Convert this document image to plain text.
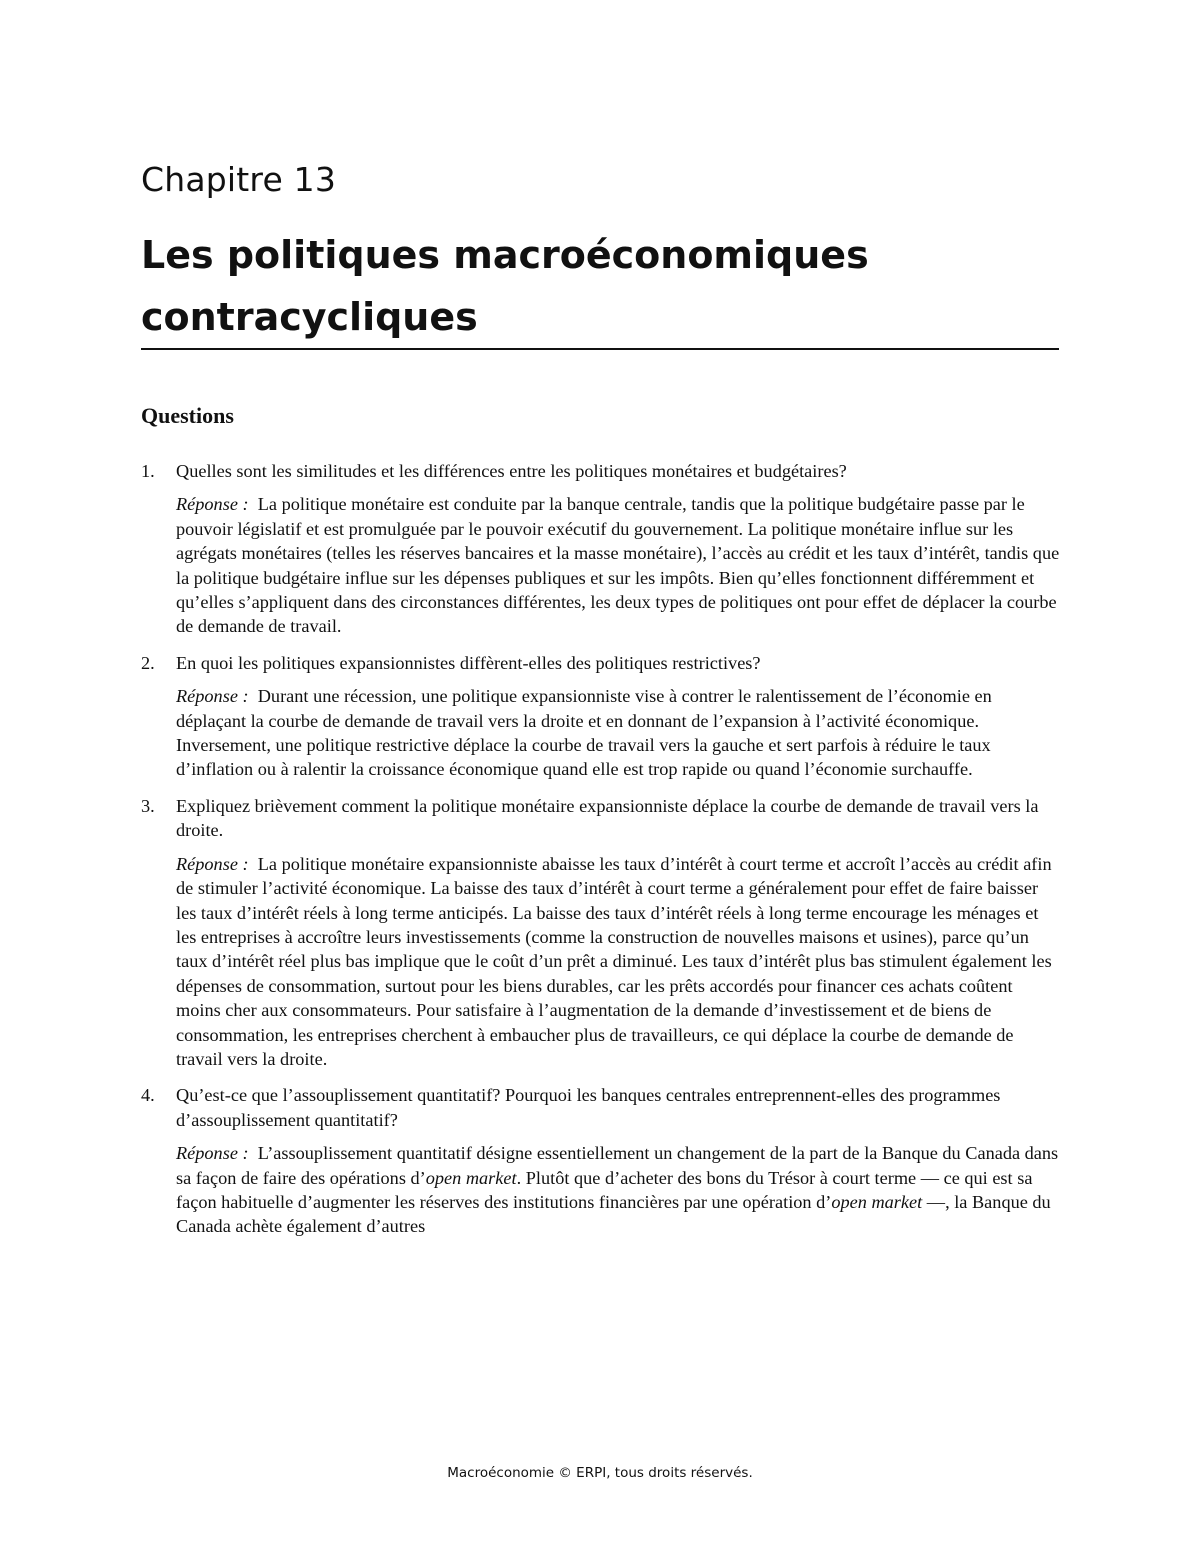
Chapitre 13
Les politiques macroéconomiques contracycliques
Questions
1. Quelles sont les similitudes et les différences entre les politiques monétaires et budgétaires?

Réponse : La politique monétaire est conduite par la banque centrale, tandis que la politique budgétaire passe par le pouvoir législatif et est promulguée par le pouvoir exécutif du gouvernement. La politique monétaire influe sur les agrégats monétaires (telles les réserves bancaires et la masse monétaire), l’accès au crédit et les taux d’intérêt, tandis que la politique budgétaire influe sur les dépenses publiques et sur les impôts. Bien qu’elles fonctionnent différemment et qu’elles s’appliquent dans des circonstances différentes, les deux types de politiques ont pour effet de déplacer la courbe de demande de travail.

2. En quoi les politiques expansionnistes diffèrent-elles des politiques restrictives?

Réponse : Durant une récession, une politique expansionniste vise à contrer le ralentissement de l’économie en déplaçant la courbe de demande de travail vers la droite et en donnant de l’expansion à l’activité économique. Inversement, une politique restrictive déplace la courbe de travail vers la gauche et sert parfois à réduire le taux d’inflation ou à ralentir la croissance économique quand elle est trop rapide ou quand l’économie surchauffe.

3. Expliquez brièvement comment la politique monétaire expansionniste déplace la courbe de demande de travail vers la droite.

Réponse : La politique monétaire expansionniste abaisse les taux d’intérêt à court terme et accroît l’accès au crédit afin de stimuler l’activité économique. La baisse des taux d’intérêt à court terme a généralement pour effet de faire baisser les taux d’intérêt réels à long terme anticipés. La baisse des taux d’intérêt réels à long terme encourage les ménages et les entreprises à accroître leurs investissements (comme la construction de nouvelles maisons et usines), parce qu’un taux d’intérêt réel plus bas implique que le coût d’un prêt a diminué. Les taux d’intérêt plus bas stimulent également les dépenses de consommation, surtout pour les biens durables, car les prêts accordés pour financer ces achats coûtent moins cher aux consommateurs. Pour satisfaire à l’augmentation de la demande d’investissement et de biens de consommation, les entreprises cherchent à embaucher plus de travailleurs, ce qui déplace la courbe de demande de travail vers la droite.

4. Qu’est-ce que l’assouplissement quantitatif? Pourquoi les banques centrales entreprennent-elles des programmes d’assouplissement quantitatif?

Réponse : L’assouplissement quantitatif désigne essentiellement un changement de la part de la Banque du Canada dans sa façon de faire des opérations d’open market. Plutôt que d’acheter des bons du Trésor à court terme — ce qui est sa façon habituelle d’augmenter les réserves des institutions financières par une opération d’open market —, la Banque du Canada achète également d’autres

Macroéconomie © ERPI, tous droits réservés.
